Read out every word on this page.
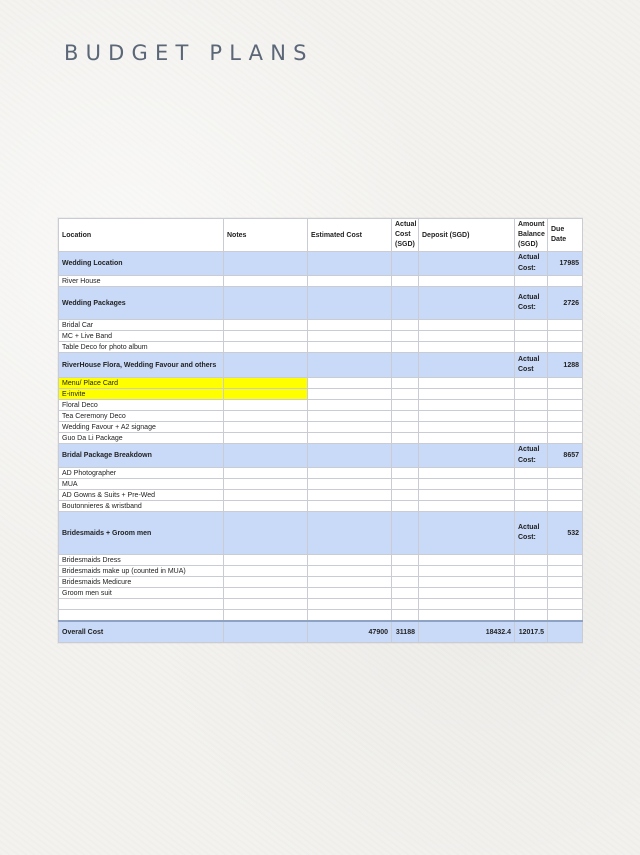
BUDGET PLANS
Location	Notes	Estimated Cost	Actual Cost (SGD)	Deposit (SGD)	Amount Balance (SGD)	Due Date
Wedding Location					Actual Cost:	17985
River House						
Wedding Packages					Actual Cost:	2726
Bridal Car						
MC + Live Band						
Table Deco for photo album						
RiverHouse Flora, Wedding Favour and others					Actual Cost	1288
Menu/ Place Card						
E-invite						
Floral Deco						
Tea Ceremony Deco						
Wedding Favour + A2 signage						
Guo Da Li Package						
Bridal Package Breakdown					Actual Cost:	8657
AD Photographer						
MUA						
AD Gowns & Suits + Pre-Wed						
Boutonnieres & wristband						
Bridesmaids + Groom men					Actual Cost:	532
Bridesmaids Dress						
Bridesmaids make up (counted in MUA)						
Bridesmaids Medicure						
Groom men suit						

Overall Cost		47900	31188	18432.4	12017.5	
